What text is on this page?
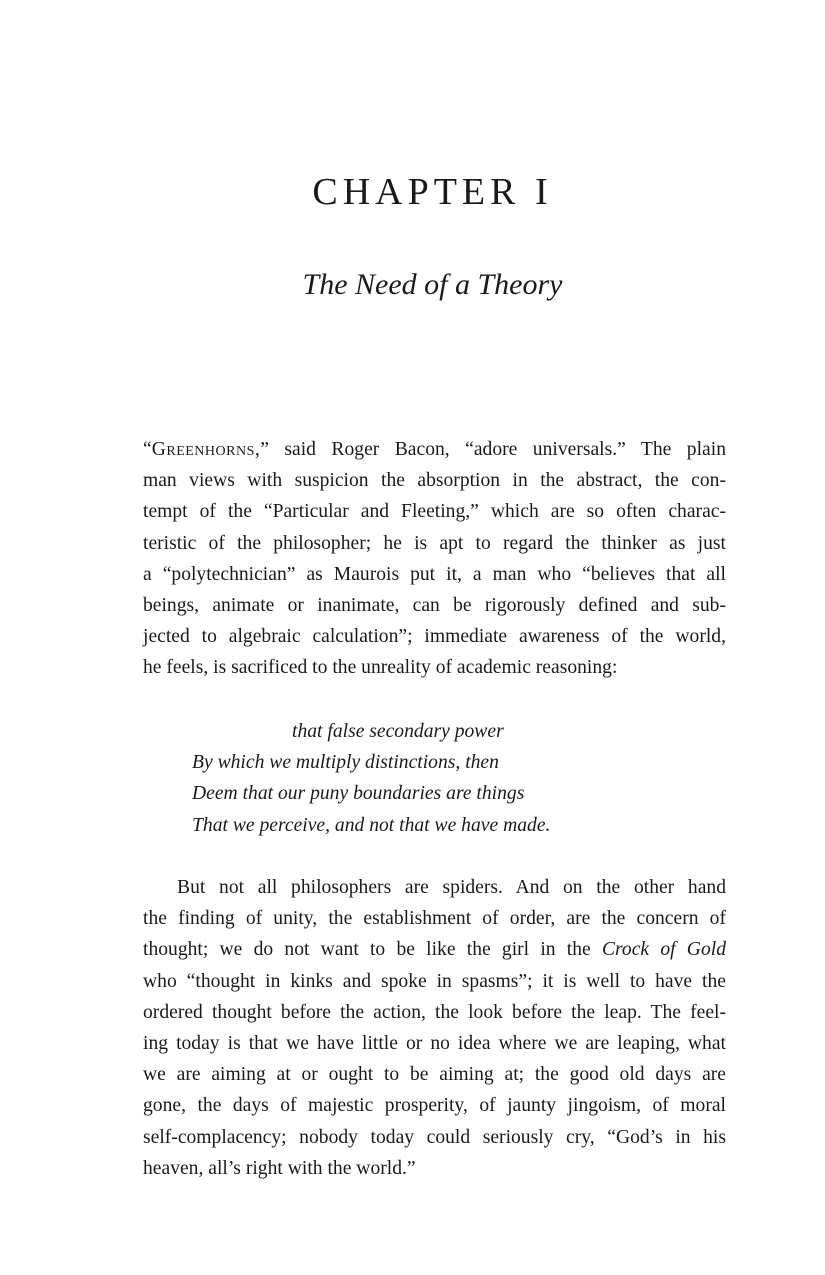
CHAPTER I
The Need of a Theory
“Greenhorns,” said Roger Bacon, “adore universals.” The plain
man views with suspicion the absorption in the abstract, the con-
tempt of the “Particular and Fleeting,” which are so often charac-
teristic of the philosopher; he is apt to regard the thinker as just
a “polytechnician” as Maurois put it, a man who “believes that all
beings, animate or inanimate, can be rigorously defined and sub-
jected to algebraic calculation”; immediate awareness of the world,
he feels, is sacrificed to the unreality of academic reasoning:
that false secondary power
By which we multiply distinctions, then
Deem that our puny boundaries are things
That we perceive, and not that we have made.
But not all philosophers are spiders. And on the other hand
the finding of unity, the establishment of order, are the concern of
thought; we do not want to be like the girl in the Crock of Gold
who “thought in kinks and spoke in spasms”; it is well to have the
ordered thought before the action, the look before the leap. The feel-
ing today is that we have little or no idea where we are leaping, what
we are aiming at or ought to be aiming at; the good old days are
gone, the days of majestic prosperity, of jaunty jingoism, of moral
self-complacency; nobody today could seriously cry, “God’s in his
heaven, all’s right with the world.”
